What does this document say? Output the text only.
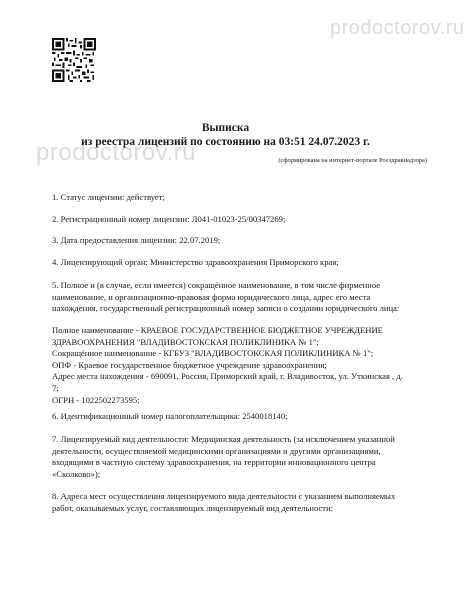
prodoctorov.ru
prodoctorov.ru
Выписка
из реестра лицензий по состоянию на 03:51 24.07.2023 г.
(сформирована на интернет-портале Росздравнадзора)
1. Статус лицензии: действует;
2. Регистрационный номер лицензии: Л041-01023-25/00347269;
3. Дата предоставления лицензии: 22.07.2019;
4. Лицензирующий орган: Министерство здравоохранения Приморского края;
5. Полное и (в случае, если имеется) сокращённое наименование, в том числе фирменное
наименование, и организационно-правовая форма юридического лица, адрес его места
нахождения, государственный регистрационный номер записи о создании юридического лица:
Полное наименование - КРАЕВОЕ ГОСУДАРСТВЕННОЕ БЮДЖЕТНОЕ УЧРЕЖДЕНИЕ
ЗДРАВООХРАНЕНИЯ "ВЛАДИВОСТОКСКАЯ ПОЛИКЛИНИКА № 1";
Сокращённое наименование - КГБУЗ "ВЛАДИВОСТОКСКАЯ ПОЛИКЛИНИКА № 1";
ОПФ - Краевое государственное бюджетное учреждение здравоохранения;
Адрес места нахождения - 690091, Россия, Приморский край, г. Владивосток, ул. Уткинская , д.
7;
ОГРН - 1022502273595;
6. Идентификационный номер налогоплательщика: 2540018140;
7. Лицензируемый вид деятельности: Медицинская деятельность (за исключением указанной
деятельности, осуществляемой медицинскими организациями и другими организациями,
входящими в частную систему здравоохранения, на территории инновационного центра
«Сколково»);
8. Адреса мест осуществления лицензируемого вида деятельности с указанием выполняемых
работ, оказываемых услуг, составляющих лицензируемый вид деятельности:
